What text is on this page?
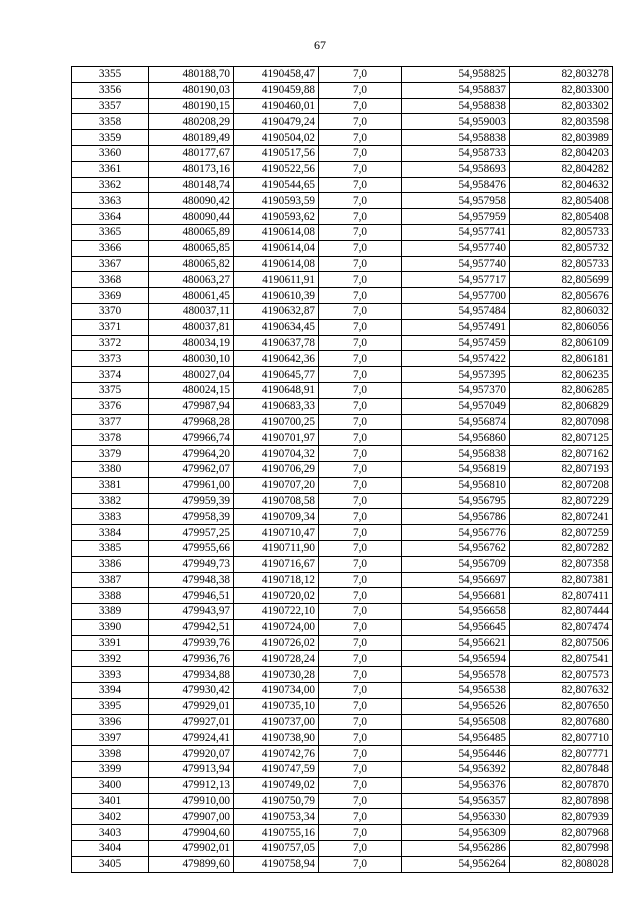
67
3355	480188,70	4190458,47	7,0	54,958825	82,803278
3356	480190,03	4190459,88	7,0	54,958837	82,803300
3357	480190,15	4190460,01	7,0	54,958838	82,803302
3358	480208,29	4190479,24	7,0	54,959003	82,803598
3359	480189,49	4190504,02	7,0	54,958838	82,803989
3360	480177,67	4190517,56	7,0	54,958733	82,804203
3361	480173,16	4190522,56	7,0	54,958693	82,804282
3362	480148,74	4190544,65	7,0	54,958476	82,804632
3363	480090,42	4190593,59	7,0	54,957958	82,805408
3364	480090,44	4190593,62	7,0	54,957959	82,805408
3365	480065,89	4190614,08	7,0	54,957741	82,805733
3366	480065,85	4190614,04	7,0	54,957740	82,805732
3367	480065,82	4190614,08	7,0	54,957740	82,805733
3368	480063,27	4190611,91	7,0	54,957717	82,805699
3369	480061,45	4190610,39	7,0	54,957700	82,805676
3370	480037,11	4190632,87	7,0	54,957484	82,806032
3371	480037,81	4190634,45	7,0	54,957491	82,806056
3372	480034,19	4190637,78	7,0	54,957459	82,806109
3373	480030,10	4190642,36	7,0	54,957422	82,806181
3374	480027,04	4190645,77	7,0	54,957395	82,806235
3375	480024,15	4190648,91	7,0	54,957370	82,806285
3376	479987,94	4190683,33	7,0	54,957049	82,806829
3377	479968,28	4190700,25	7,0	54,956874	82,807098
3378	479966,74	4190701,97	7,0	54,956860	82,807125
3379	479964,20	4190704,32	7,0	54,956838	82,807162
3380	479962,07	4190706,29	7,0	54,956819	82,807193
3381	479961,00	4190707,20	7,0	54,956810	82,807208
3382	479959,39	4190708,58	7,0	54,956795	82,807229
3383	479958,39	4190709,34	7,0	54,956786	82,807241
3384	479957,25	4190710,47	7,0	54,956776	82,807259
3385	479955,66	4190711,90	7,0	54,956762	82,807282
3386	479949,73	4190716,67	7,0	54,956709	82,807358
3387	479948,38	4190718,12	7,0	54,956697	82,807381
3388	479946,51	4190720,02	7,0	54,956681	82,807411
3389	479943,97	4190722,10	7,0	54,956658	82,807444
3390	479942,51	4190724,00	7,0	54,956645	82,807474
3391	479939,76	4190726,02	7,0	54,956621	82,807506
3392	479936,76	4190728,24	7,0	54,956594	82,807541
3393	479934,88	4190730,28	7,0	54,956578	82,807573
3394	479930,42	4190734,00	7,0	54,956538	82,807632
3395	479929,01	4190735,10	7,0	54,956526	82,807650
3396	479927,01	4190737,00	7,0	54,956508	82,807680
3397	479924,41	4190738,90	7,0	54,956485	82,807710
3398	479920,07	4190742,76	7,0	54,956446	82,807771
3399	479913,94	4190747,59	7,0	54,956392	82,807848
3400	479912,13	4190749,02	7,0	54,956376	82,807870
3401	479910,00	4190750,79	7,0	54,956357	82,807898
3402	479907,00	4190753,34	7,0	54,956330	82,807939
3403	479904,60	4190755,16	7,0	54,956309	82,807968
3404	479902,01	4190757,05	7,0	54,956286	82,807998
3405	479899,60	4190758,94	7,0	54,956264	82,808028
